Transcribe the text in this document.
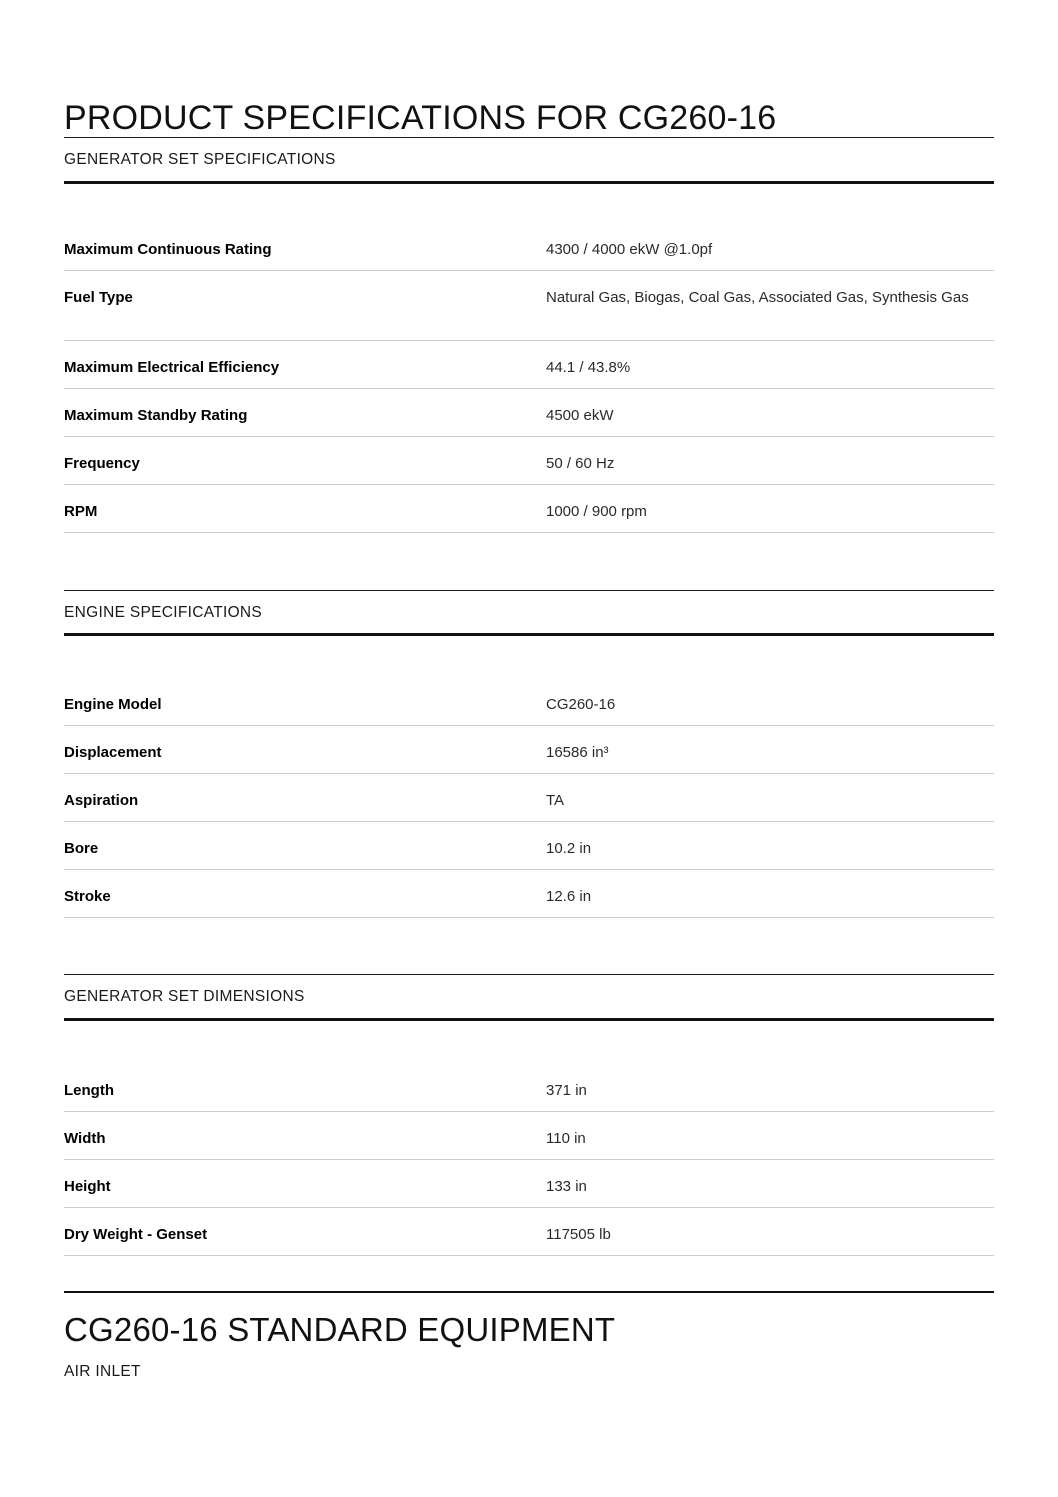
PRODUCT SPECIFICATIONS FOR CG260-16
GENERATOR SET SPECIFICATIONS
Maximum Continuous Rating	4300 / 4000 ekW @1.0pf
Fuel Type	Natural Gas, Biogas, Coal Gas, Associated Gas, Synthesis Gas
Maximum Electrical Efficiency	44.1 / 43.8%
Maximum Standby Rating	4500 ekW
Frequency	50 / 60 Hz
RPM	1000 / 900 rpm
ENGINE SPECIFICATIONS
Engine Model	CG260-16
Displacement	16586 in³
Aspiration	TA
Bore	10.2 in
Stroke	12.6 in
GENERATOR SET DIMENSIONS
Length	371 in
Width	110 in
Height	133 in
Dry Weight - Genset	117505 lb
CG260-16 STANDARD EQUIPMENT
AIR INLET
